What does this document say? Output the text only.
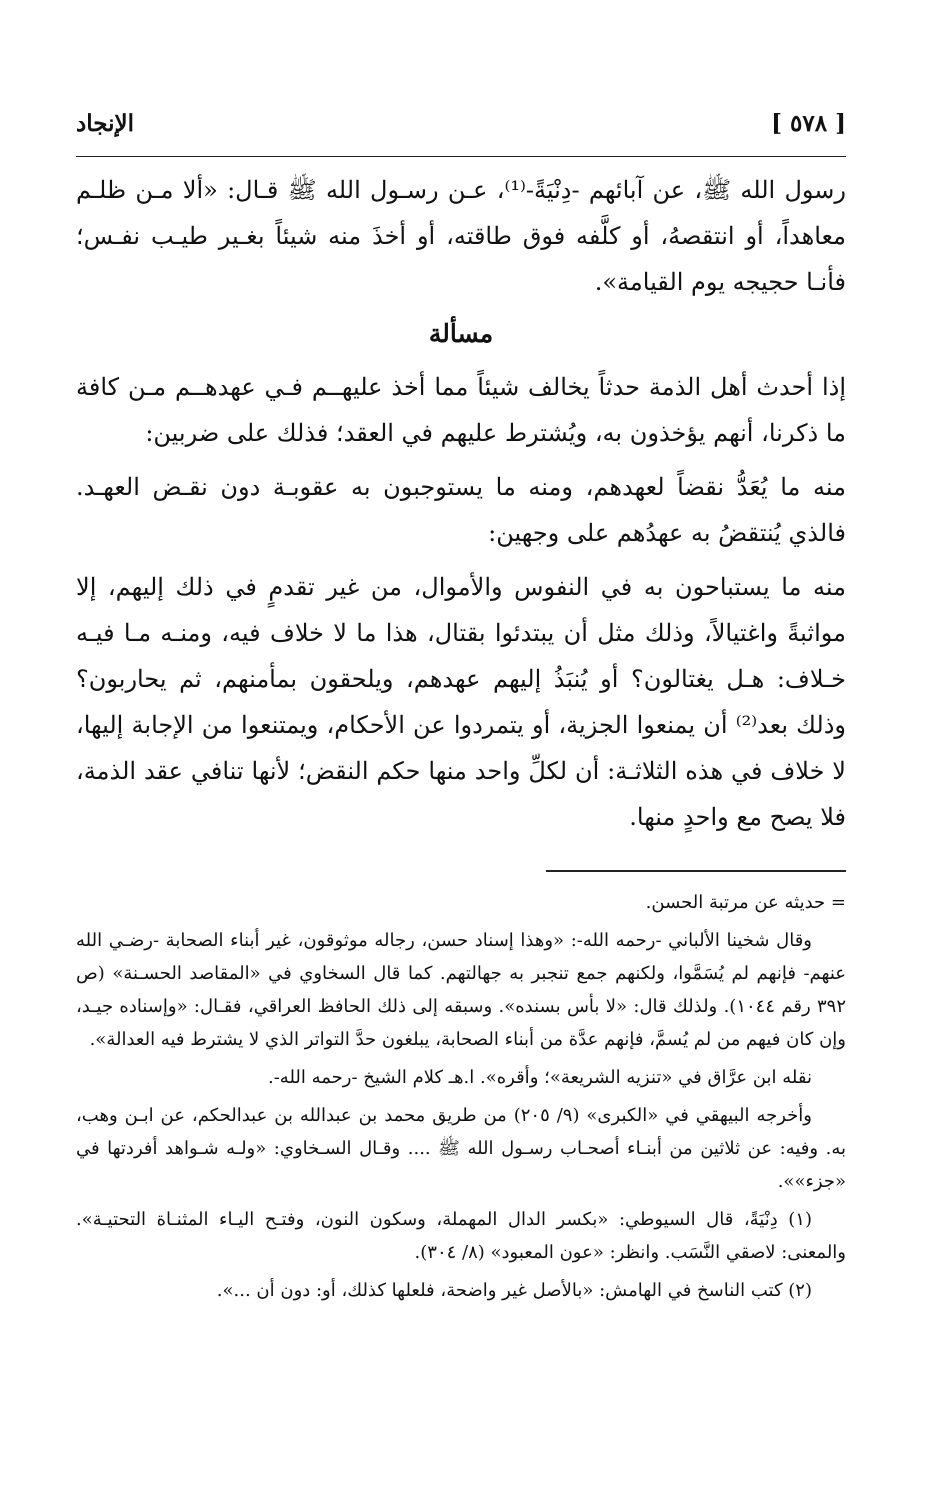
[ ٥٧٨ ]
الإنجاد

رسول الله ﷺ، عن آبائهم -دِنْيَةً-⁽¹⁾، عـن رسـول الله ﷺ قـال: «ألا مـن ظلـم معاهداً، أو انتقصهُ، أو كلَّفه فوق طاقته، أو أخذَ منه شيئاً بغـير طيـب نفـس؛ فأنـا حجيجه يوم القيامة».

مسألة

إذا أحدث أهل الذمة حدثاً يخالف شيئاً مما أخذ عليهــم فـي عهدهــم مـن كافة ما ذكرنا، أنهم يؤخذون به، ويُشترط عليهم في العقد؛ فذلك على ضربين:

منه ما يُعَدُّ نقضاً لعهدهم، ومنه ما يستوجبون به عقوبـة دون نقـض العهـد. فالذي يُنتقضُ به عهدُهم على وجهين:

منه ما يستباحون به في النفوس والأموال، من غير تقدمٍ في ذلك إليهم، إلا مواثبةً واغتيالاً، وذلك مثل أن يبتدئوا بقتال، هذا ما لا خلاف فيه، ومنـه مـا فيـه خـلاف: هـل يغتالون؟ أو يُنبَذُ إليهم عهدهم، ويلحقون بمأمنهم، ثم يحاربون؟ وذلك بعد⁽²⁾ أن يمنعوا الجزية، أو يتمردوا عن الأحكام، ويمتنعوا من الإجابة إليها، لا خلاف في هذه الثلاثـة: أن لكلِّ واحد منها حكم النقض؛ لأنها تنافي عقد الذمة، فلا يصح مع واحدٍ منها.

= حديثه عن مرتبة الحسن.

وقال شخينا الألباني -رحمه الله-: «وهذا إسناد حسن، رجاله موثوقون، غير أبناء الصحابة -رضـي الله عنهم- فإنهم لم يُسَمَّوا، ولكنهم جمع تنجبر به جهالتهم. كما قال السخاوي في «المقاصد الحسـنة» (ص ٣٩٢ رقم ١٠٤٤). ولذلك قال: «لا بأس بسنده». وسبقه إلى ذلك الحافظ العراقي، فقـال: «وإسناده جيـد، وإن كان فيهم من لم يُسمَّ، فإنهم عدَّة من أبناء الصحابة، يبلغون حدَّ التواتر الذي لا يشترط فيه العدالة».

نقله ابن عرَّاق في «تنزيه الشريعة»؛ وأقره». ا.هـ كلام الشيخ -رحمه الله-.

وأخرجه البيهقي في «الكبرى» (٩/ ٢٠٥) من طريق محمد بن عبدالله بن عبدالحكم، عن ابـن وهب، به. وفيه: عن ثلاثين من أبنـاء أصحـاب رسـول الله ﷺ .... وقـال السـخاوي: «ولـه شـواهد أفردتها في «جزء»».

(١) دِنْيَةً، قال السيوطي: «بكسر الدال المهملة، وسكون النون، وفتـح اليـاء المثنـاة التحتيـة». والمعنى: لاصقي النَّسَب. وانظر: «عون المعبود» (٨/ ٣٠٤).

(٢) كتب الناسخ في الهامش: «بالأصل غير واضحة، فلعلها كذلك، أو: دون أن ...».
